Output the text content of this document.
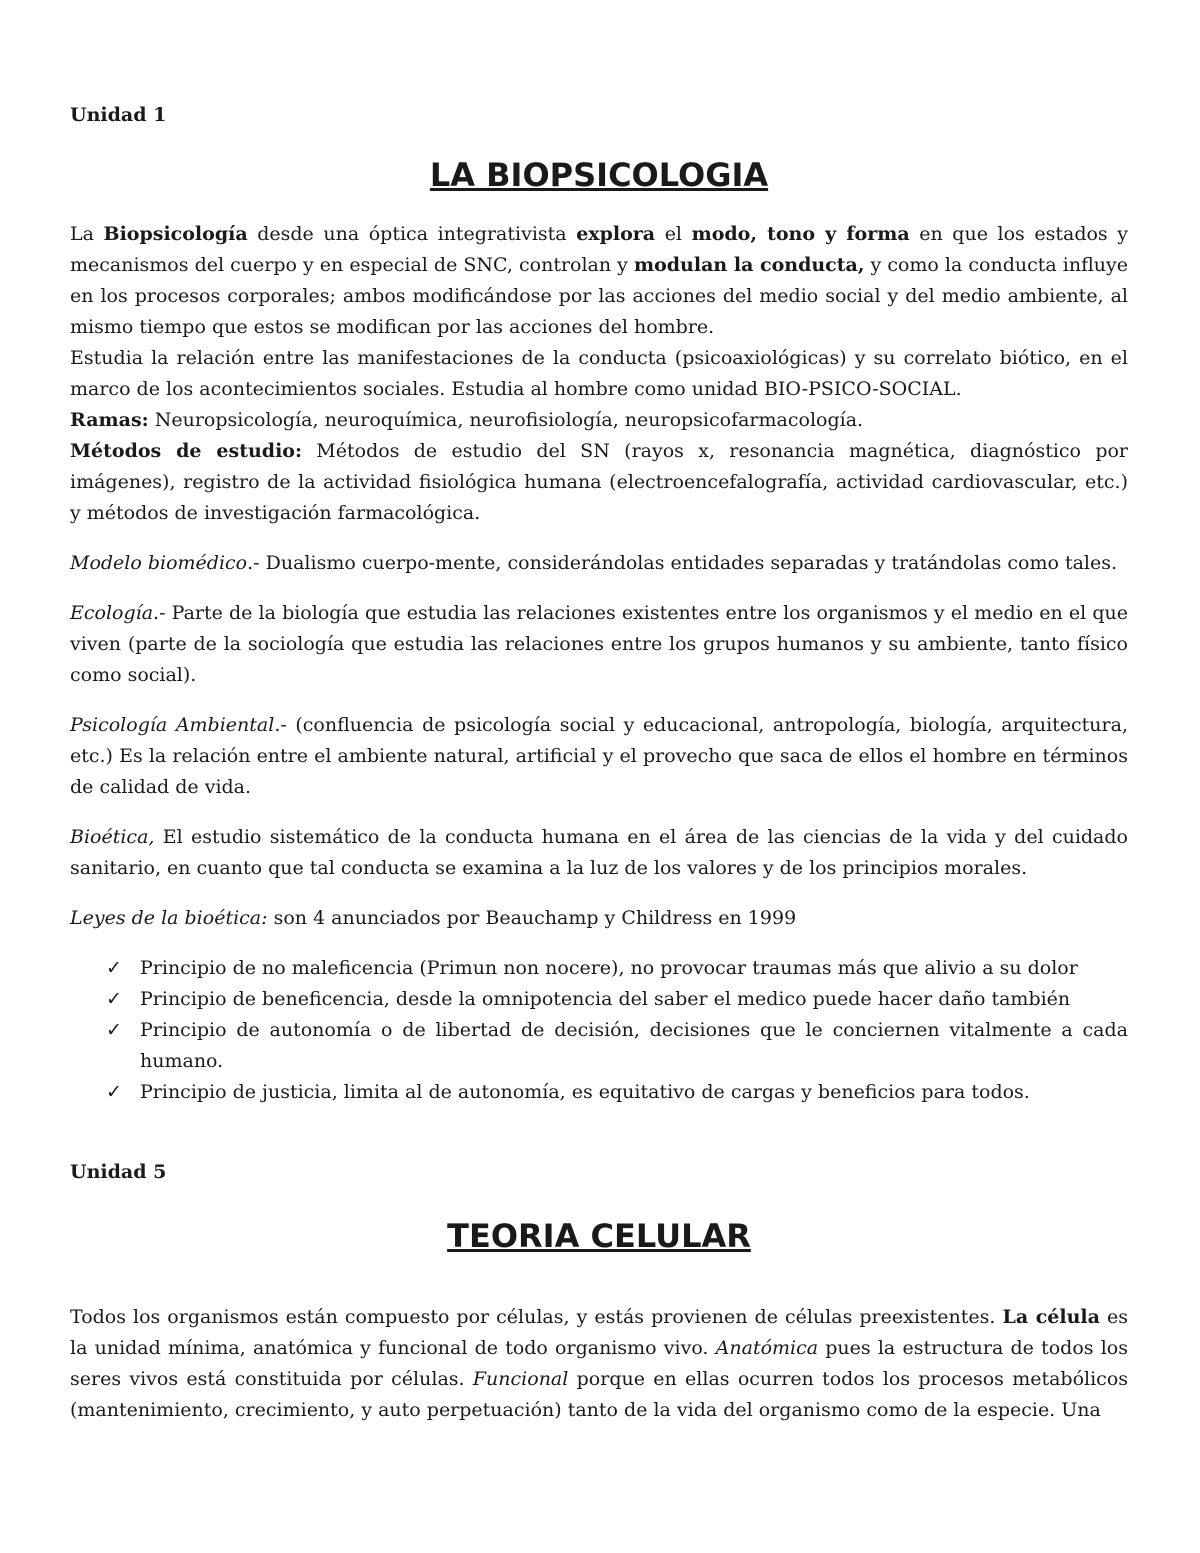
Unidad 1
LA BIOPSICOLOGIA

La Biopsicología desde una óptica integrativista explora el modo, tono y forma en que los estados y mecanismos del cuerpo y en especial de SNC, controlan y modulan la conducta, y como la conducta influye en los procesos corporales; ambos modificándose por las acciones del medio social y del medio ambiente, al mismo tiempo que estos se modifican por las acciones del hombre.

Estudia la relación entre las manifestaciones de la conducta (psicoaxiológicas) y su correlato biótico, en el marco de los acontecimientos sociales. Estudia al hombre como unidad BIO-PSICO-SOCIAL.

Ramas: Neuropsicología, neuroquímica, neurofisiología, neuropsicofarmacología.

Métodos de estudio: Métodos de estudio del SN (rayos x, resonancia magnética, diagnóstico por imágenes), registro de la actividad fisiológica humana (electroencefalografía, actividad cardiovascular, etc.) y métodos de investigación farmacológica.

Modelo biomédico.- Dualismo cuerpo-mente, considerándolas entidades separadas y tratándolas como tales.

Ecología.- Parte de la biología que estudia las relaciones existentes entre los organismos y el medio en el que viven (parte de la sociología que estudia las relaciones entre los grupos humanos y su ambiente, tanto físico como social).

Psicología Ambiental.- (confluencia de psicología social y educacional, antropología, biología, arquitectura, etc.) Es la relación entre el ambiente natural, artificial y el provecho que saca de ellos el hombre en términos de calidad de vida.

Bioética, El estudio sistemático de la conducta humana en el área de las ciencias de la vida y del cuidado sanitario, en cuanto que tal conducta se examina a la luz de los valores y de los principios morales.

Leyes de la bioética: son 4 anunciados por Beauchamp y Childress en 1999

✓ Principio de no maleficencia (Primun non nocere), no provocar traumas más que alivio a su dolor
✓ Principio de beneficencia, desde la omnipotencia del saber el medico puede hacer daño también
✓ Principio de autonomía o de libertad de decisión, decisiones que le conciernen vitalmente a cada humano.
✓ Principio de justicia, limita al de autonomía, es equitativo de cargas y beneficios para todos.
Unidad 5
TEORIA CELULAR

Todos los organismos están compuesto por células, y estás provienen de células preexistentes. La célula es la unidad mínima, anatómica y funcional de todo organismo vivo. Anatómica pues la estructura de todos los seres vivos está constituida por células. Funcional porque en ellas ocurren todos los procesos metabólicos (mantenimiento, crecimiento, y auto perpetuación) tanto de la vida del organismo como de la especie. Una
